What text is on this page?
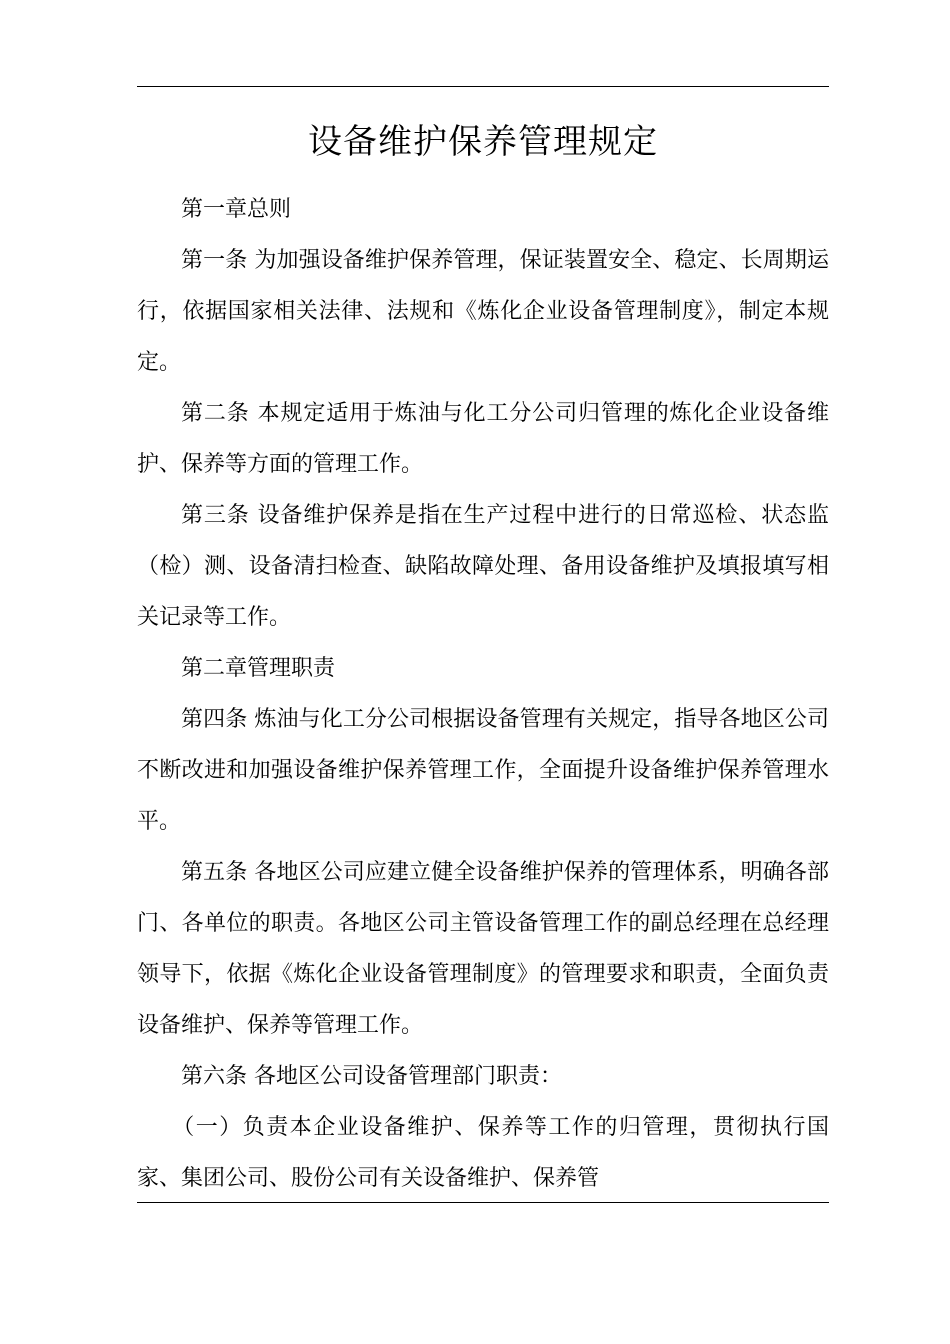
设备维护保养管理规定

第一章总则

第一条 为加强设备维护保养管理，保证装置安全、稳定、长周期运行，依据国家相关法律、法规和《炼化企业设备管理制度》，制定本规定。

第二条 本规定适用于炼油与化工分公司归管理的炼化企业设备维护、保养等方面的管理工作。

第三条 设备维护保养是指在生产过程中进行的日常巡检、状态监（检）测、设备清扫检查、缺陷故障处理、备用设备维护及填报填写相关记录等工作。

第二章管理职责

第四条 炼油与化工分公司根据设备管理有关规定，指导各地区公司不断改进和加强设备维护保养管理工作，全面提升设备维护保养管理水平。

第五条 各地区公司应建立健全设备维护保养的管理体系，明确各部门、各单位的职责。各地区公司主管设备管理工作的副总经理在总经理领导下，依据《炼化企业设备管理制度》的管理要求和职责，全面负责设备维护、保养等管理工作。

第六条 各地区公司设备管理部门职责：

（一）负责本企业设备维护、保养等工作的归管理，贯彻执行国家、集团公司、股份公司有关设备维护、保养管
